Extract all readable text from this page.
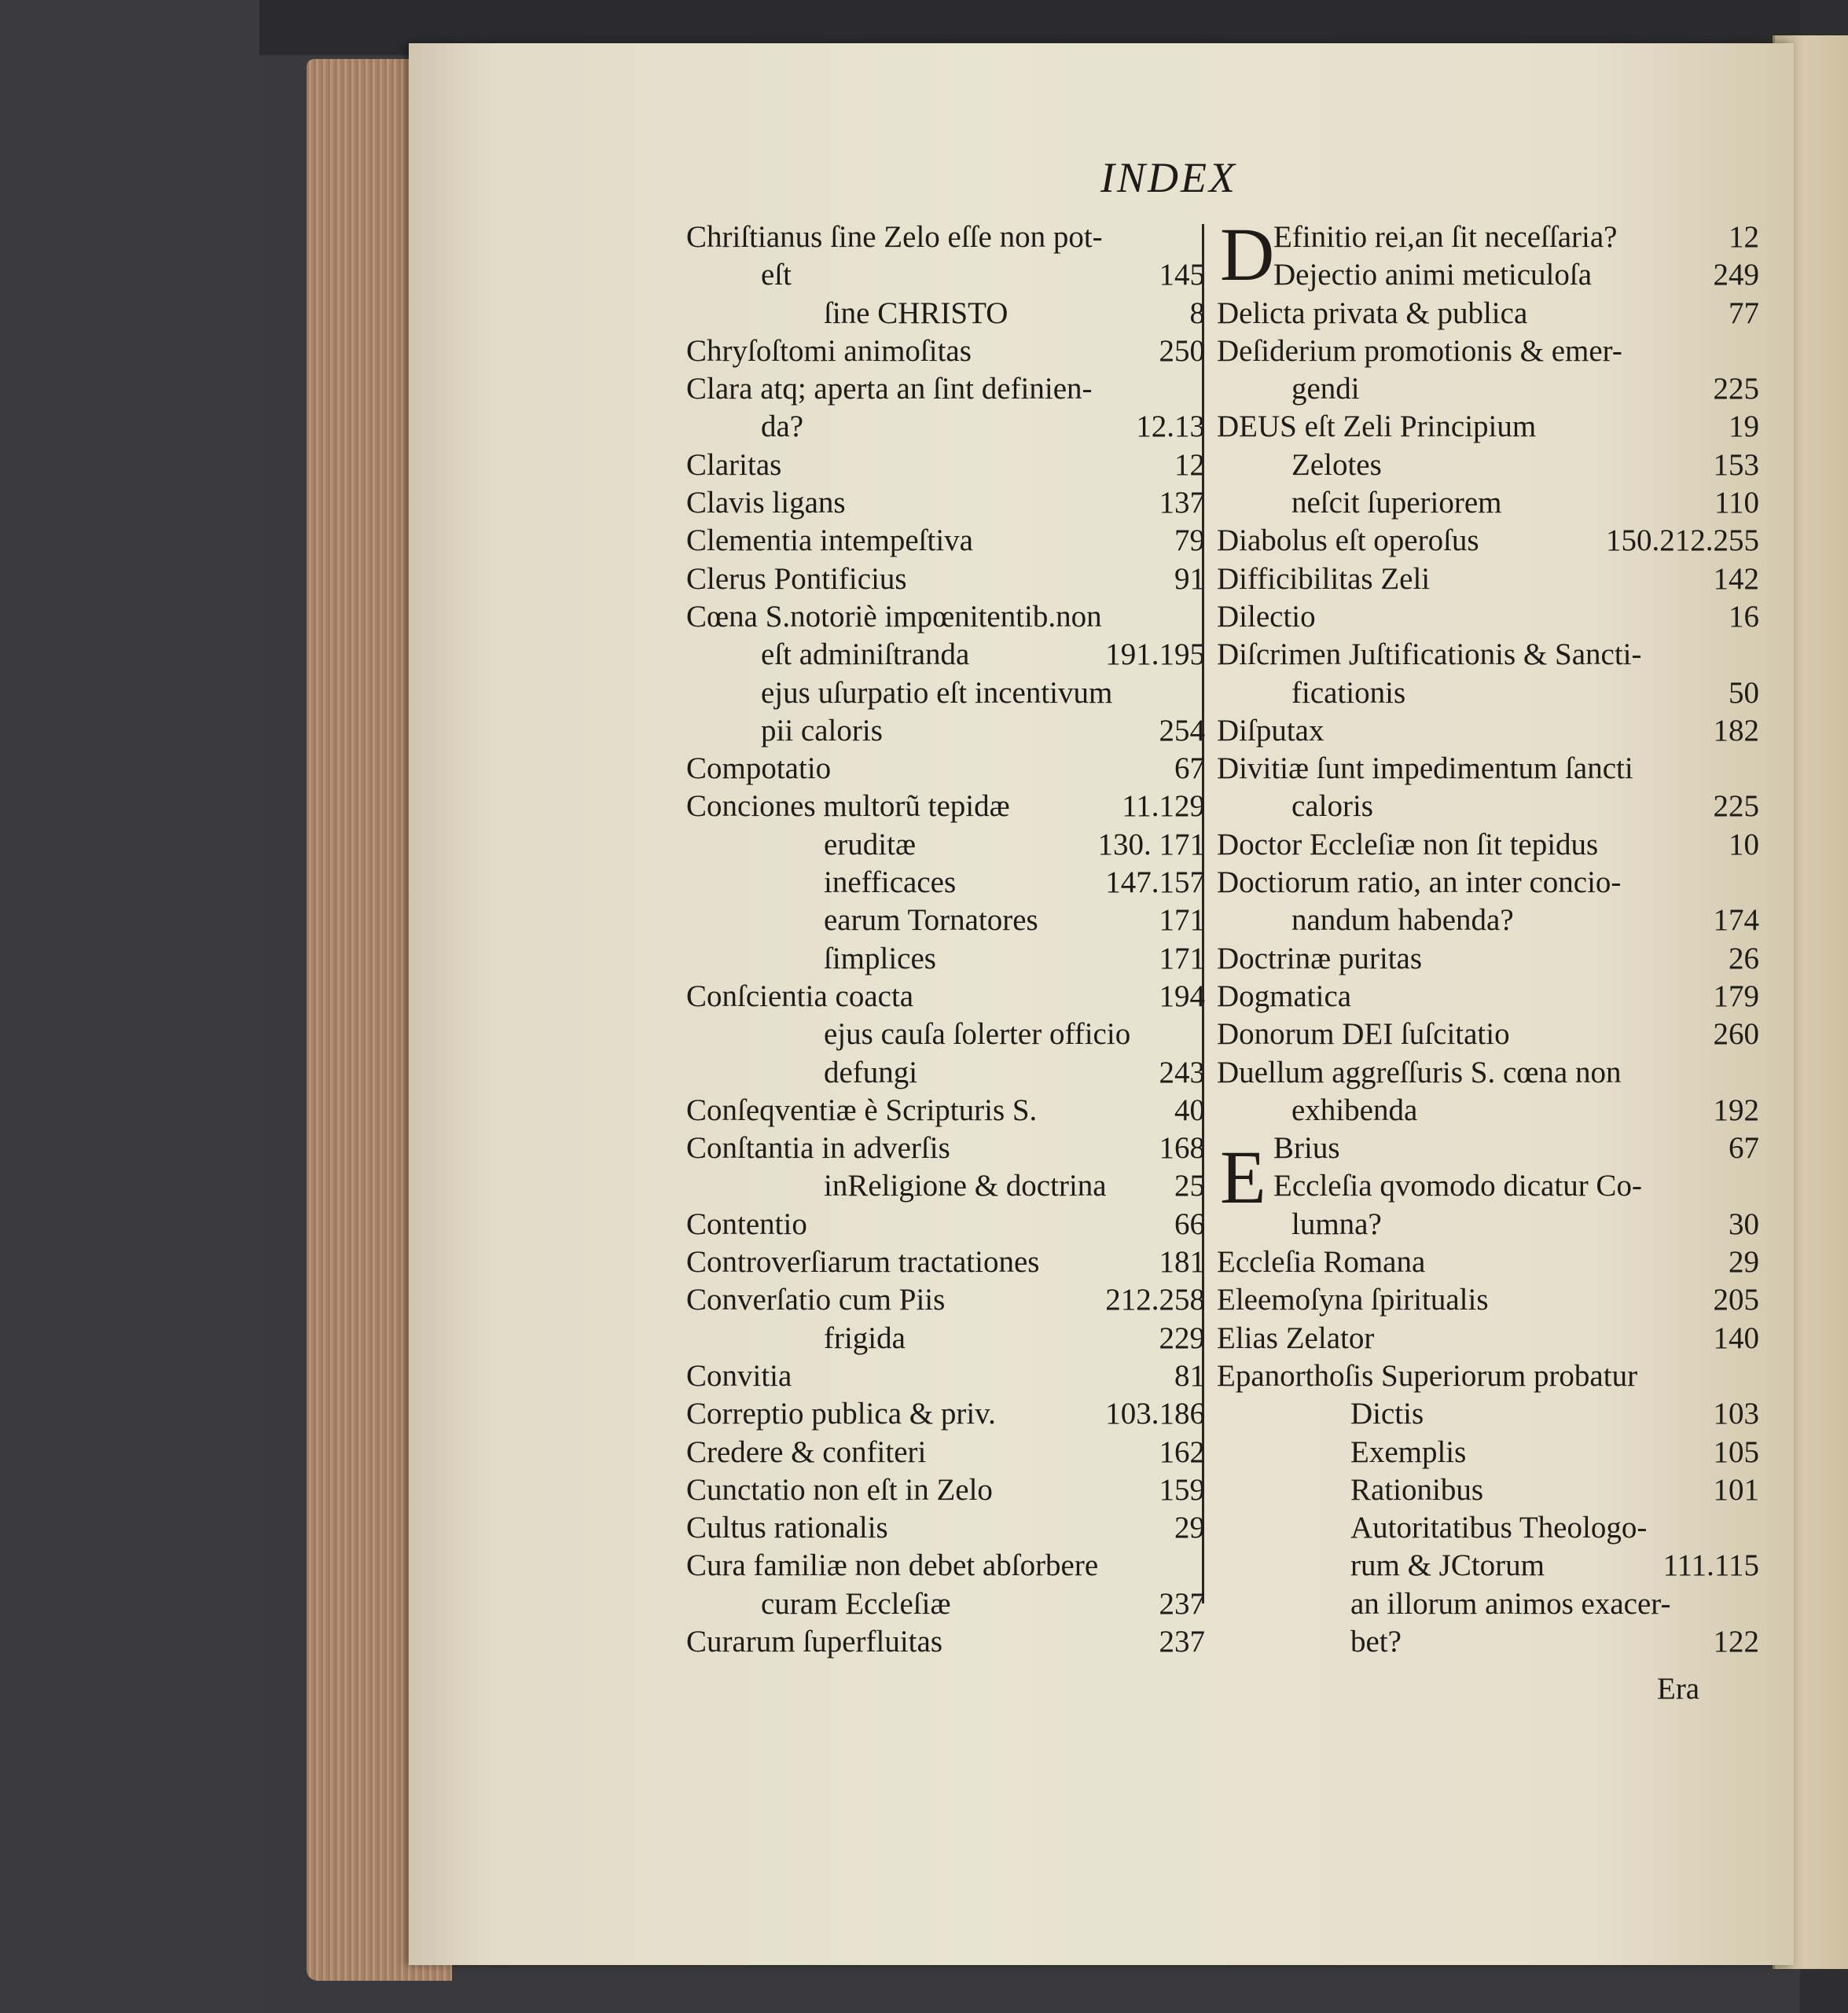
INDEX
Chriſtianus ſine Zelo eſſe non pot-
eſt	145
ſine CHRISTO	8
Chryſoſtomi animoſitas	250
Clara atq; aperta an ſint definien-
da?	12.13
Claritas	12
Clavis ligans	137
Clementia intempeſtiva	79
Clerus Pontificius	91
Cœna S.notoriè impœnitentib.non
eſt adminiſtranda	191.195
ejus uſurpatio eſt incentivum
pii caloris	254
Compotatio	67
Conciones multorũ tepidæ	11.129
eruditæ	130. 171
inefficaces	147.157
earum Tornatores	171
ſimplices	171
Conſcientia coacta	194
ejus cauſa ſolerter officio
defungi	243
Conſeqventiæ è Scripturis S.	40
Conſtantia in adverſis	168
inReligione & doctrina 25
Contentio	66
Controverſiarum tractationes	181
Converſatio cum Piis	212.258
frigida	229
Convitia	81
Correptio publica & priv.	103.186
Credere & confiteri	162
Cunctatio non eſt in Zelo	159
Cultus rationalis	29
Cura familiæ non debet abſorbere
curam Eccleſiæ	237
Curarum ſuperfluitas	237
Efinitio rei,an ſit neceſſaria?	12
Dejectio animi meticuloſa	249
Delicta privata & publica	77
Deſiderium promotionis & emer-
gendi	225
DEUS eſt Zeli Principium	19
Zelotes	153
neſcit ſuperiorem	110
Diabolus eſt operoſus	150.212.255
Difficibilitas Zeli	142
Dilectio	16
Diſcrimen Juſtificationis & Sancti-
ficationis	50
Diſputax	182
Divitiæ ſunt impedimentum ſancti
caloris	225
Doctor Eccleſiæ non ſit tepidus	10
Doctiorum ratio, an inter concio-
nandum habenda?	174
Doctrinæ puritas	26
Dogmatica	179
Donorum DEI ſuſcitatio	260
Duellum aggreſſuris S. cœna non
exhibenda	192
Brius	67
Eccleſia qvomodo dicatur Co-
lumna?	30
Eccleſia Romana	29
Eleemoſyna ſpiritualis	205
Elias Zelator	140
Epanorthoſis Superiorum probatur
Dictis	103
Exemplis	105
Rationibus	101
Autoritatibus Theologo-
rum & JCtorum	111.115
an illorum animos exacer-
bet?	122
D
E
Era
